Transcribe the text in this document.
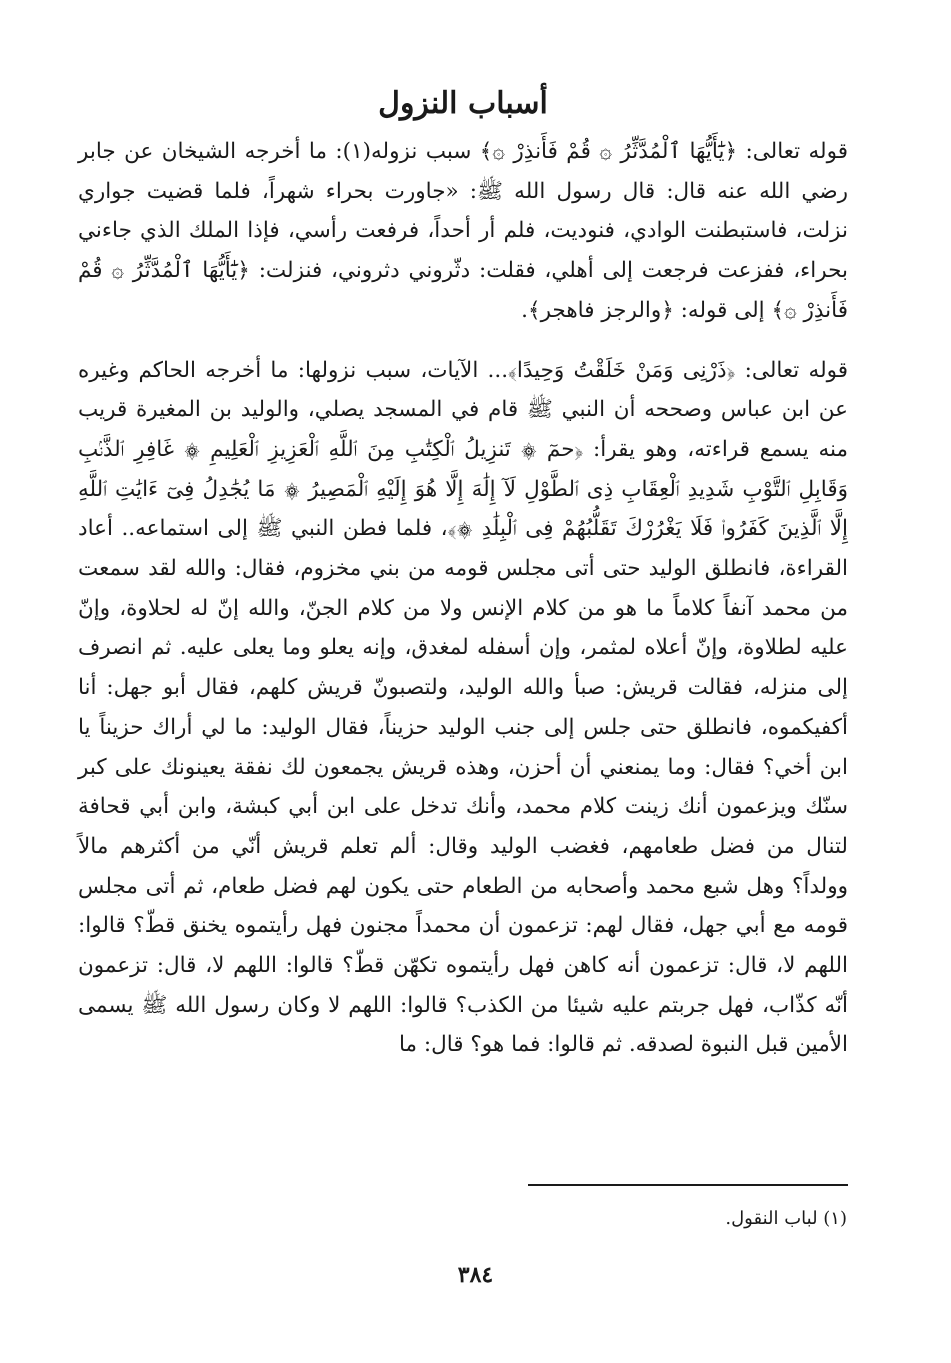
أسباب النزول

قوله تعالى: ﴿يَٰٓأَيُّهَا ٱلْمُدَّثِّرُ ۞ قُمْ فَأَنذِرْ ۞﴾ سبب نزوله(١): ما أخرجه الشيخان عن جابر رضي الله عنه قال: قال رسول الله ﷺ: «جاورت بحراء شهراً، فلما قضيت جواري نزلت، فاستبطنت الوادي، فنوديت، فلم أر أحداً، فرفعت رأسي، فإذا الملك الذي جاءني بحراء، ففزعت فرجعت إلى أهلي، فقلت: دثّروني دثروني، فنزلت: ﴿يَٰٓأَيُّهَا ٱلْمُدَّثِّرُ ۞ قُمْ فَأَنذِرْ ۞﴾ إلى قوله: ﴿والرجز فاهجر﴾.

قوله تعالى: ﴿ذَرْنِى وَمَنْ خَلَقْتُ وَحِيدًا﴾... الآيات، سبب نزولها: ما أخرجه الحاكم وغيره عن ابن عباس وصححه أن النبي ﷺ قام في المسجد يصلي، والوليد بن المغيرة قريب منه يسمع قراءته، وهو يقرأ: ﴿حمٓ ۞ تَنزِيلُ ٱلْكِتَٰبِ مِنَ ٱللَّهِ ٱلْعَزِيزِ ٱلْعَلِيمِ ۞ غَافِرِ ٱلذَّنۢبِ وَقَابِلِ ٱلتَّوْبِ شَدِيدِ ٱلْعِقَابِ ذِى ٱلطَّوْلِ لَآ إِلَٰهَ إِلَّا هُوَ إِلَيْهِ ٱلْمَصِيرُ ۞ مَا يُجَٰدِلُ فِىٓ ءَايَٰتِ ٱللَّهِ إِلَّا ٱلَّذِينَ كَفَرُوا۟ فَلَا يَغْرُرْكَ تَقَلُّبُهُمْ فِى ٱلْبِلَٰدِ ۞﴾، فلما فطن النبي ﷺ إلى استماعه.. أعاد القراءة، فانطلق الوليد حتى أتى مجلس قومه من بني مخزوم، فقال: والله لقد سمعت من محمد آنفاً كلاماً ما هو من كلام الإنس ولا من كلام الجنّ، والله إنّ له لحلاوة، وإنّ عليه لطلاوة، وإنّ أعلاه لمثمر، وإن أسفله لمغدق، وإنه يعلو وما يعلى عليه. ثم انصرف إلى منزله، فقالت قريش: صبأ والله الوليد، ولتصبونّ قريش كلهم، فقال أبو جهل: أنا أكفيكموه، فانطلق حتى جلس إلى جنب الوليد حزيناً، فقال الوليد: ما لي أراك حزيناً يا ابن أخي؟ فقال: وما يمنعني أن أحزن، وهذه قريش يجمعون لك نفقة يعينونك على كبر سنّك ويزعمون أنك زينت كلام محمد، وأنك تدخل على ابن أبي كبشة، وابن أبي قحافة لتنال من فضل طعامهم، فغضب الوليد وقال: ألم تعلم قريش أنّي من أكثرهم مالاً وولداً؟ وهل شبع محمد وأصحابه من الطعام حتى يكون لهم فضل طعام، ثم أتى مجلس قومه مع أبي جهل، فقال لهم: تزعمون أن محمداً مجنون فهل رأيتموه يخنق قطّ؟ قالوا: اللهم لا، قال: تزعمون أنه كاهن فهل رأيتموه تكهّن قطّ؟ قالوا: اللهم لا، قال: تزعمون أنّه كذّاب، فهل جربتم عليه شيئا من الكذب؟ قالوا: اللهم لا وكان رسول الله ﷺ يسمى الأمين قبل النبوة لصدقه. ثم قالوا: فما هو؟ قال: ما

(١) لباب النقول.
٣٨٤
